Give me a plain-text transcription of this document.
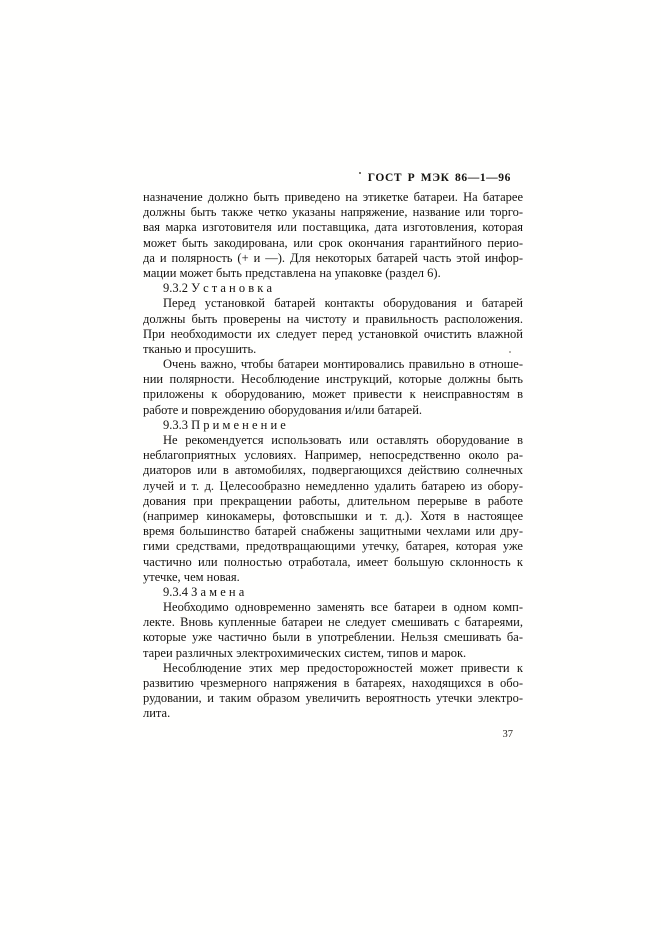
ГОСТ Р МЭК 86—1—96
назначение должно быть приведено на этикетке батареи. На батарее
должны быть также четко указаны напряжение, название или торго-
вая марка изготовителя или поставщика, дата изготовления, которая
может быть закодирована, или срок окончания гарантийного перио-
да и полярность (+ и —). Для некоторых батарей часть этой инфор-
мации может быть представлена на упаковке (раздел 6).
9.3.2 У с т а н о в к а
Перед установкой батарей контакты оборудования и батарей
должны быть проверены на чистоту и правильность расположения.
При необходимости их следует перед установкой очистить влажной
тканью и просушить.
Очень важно, чтобы батареи монтировались правильно в отноше-
нии полярности. Несоблюдение инструкций, которые должны быть
приложены к оборудованию, может привести к неисправностям в
работе и повреждению оборудования и/или батарей.
9.3.3 П р и м е н е н и е
Не рекомендуется использовать или оставлять оборудование в
неблагоприятных условиях. Например, непосредственно около ра-
диаторов или в автомобилях, подвергающихся действию солнечных
лучей и т. д. Целесообразно немедленно удалить батарею из обору-
дования при прекращении работы, длительном перерыве в работе
(например кинокамеры, фотовспышки и т. д.). Хотя в настоящее
время большинство батарей снабжены защитными чехлами или дру-
гими средствами, предотвращающими утечку, батарея, которая уже
частично или полностью отработала, имеет большую склонность к
утечке, чем новая.
9.3.4 З а м е н а
Необходимо одновременно заменять все батареи в одном комп-
лекте. Вновь купленные батареи не следует смешивать с батареями,
которые уже частично были в употреблении. Нельзя смешивать ба-
тареи различных электрохимических систем, типов и марок.
Несоблюдение этих мер предосторожностей может привести к
развитию чрезмерного напряжения в батареях, находящихся в обо-
рудовании, и таким образом увеличить вероятность утечки электро-
лита.
37
